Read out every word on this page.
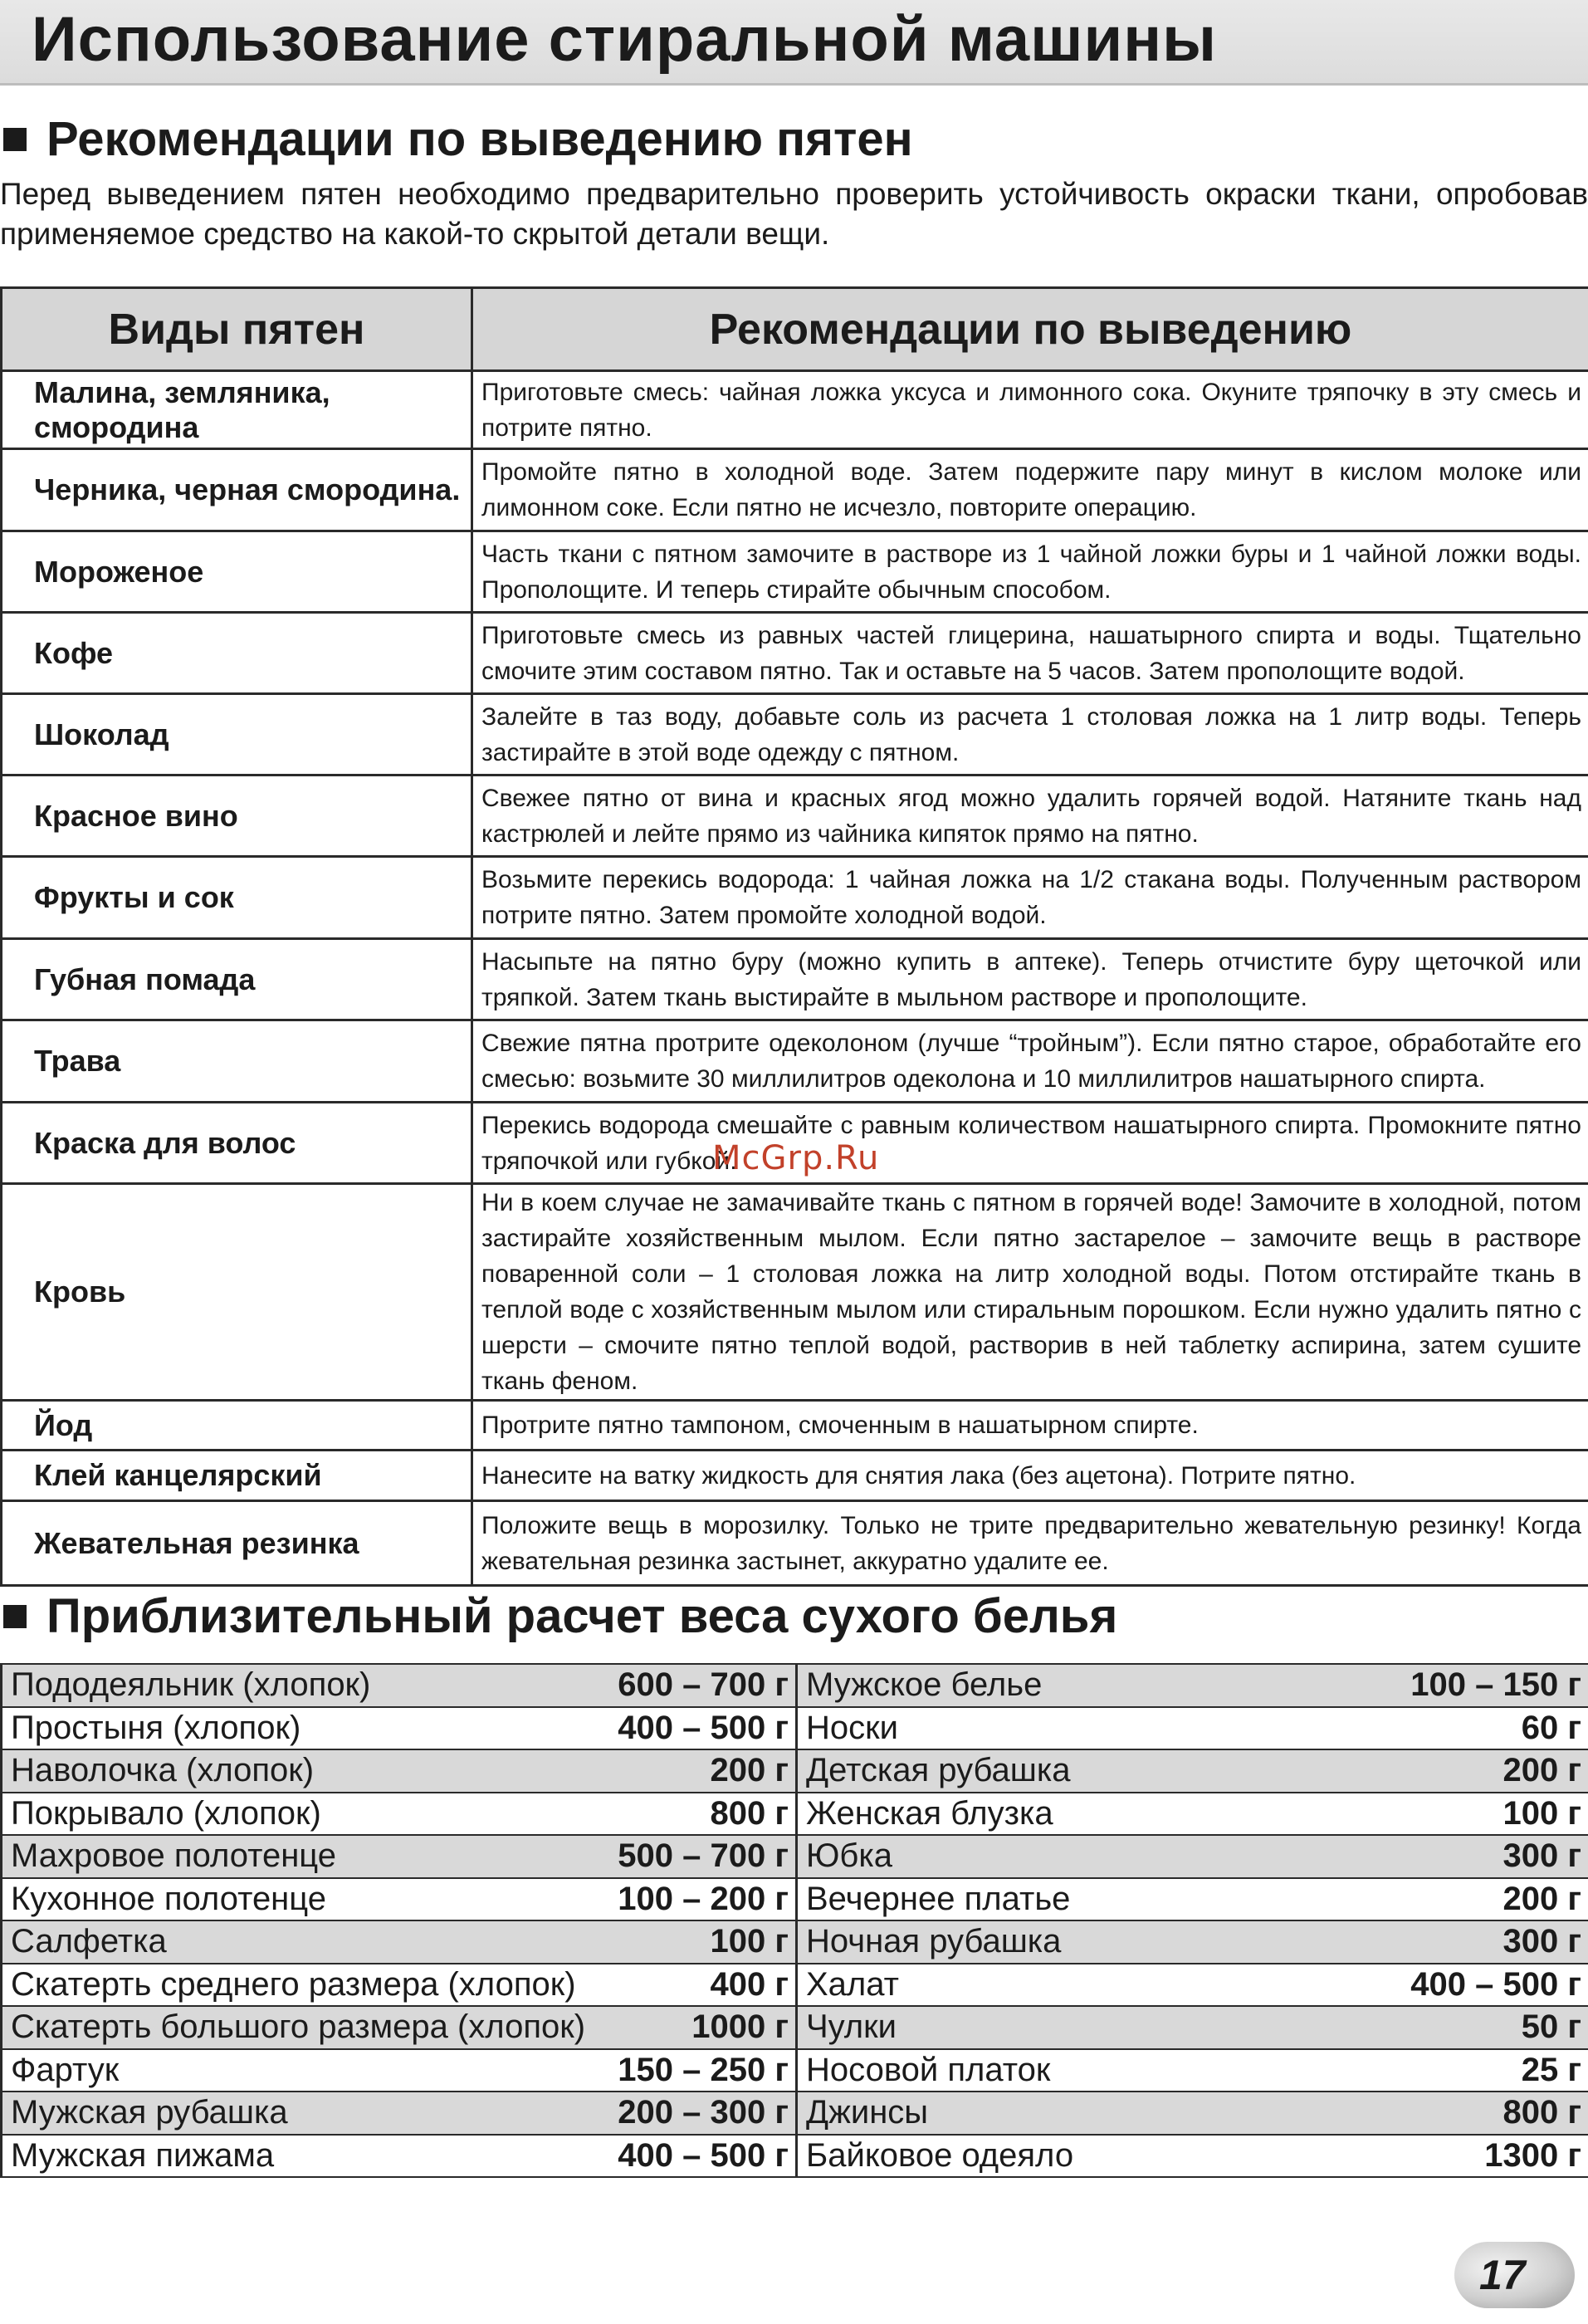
Использование стиральной машины
Рекомендации по выведению пятен

Перед выведением пятен необходимо предварительно проверить устойчивость окраски ткани, опробовав применяемое средство на какой-то скрытой детали вещи.

Виды пятен	Рекомендации по выведению
Малина, земляника, смородина	Приготовьте смесь: чайная ложка уксуса и лимонного сока. Окуните тряпочку в эту смесь и потрите пятно.
Черника, черная смородина.	Промойте пятно в холодной воде. Затем подержите пару минут в кислом молоке или лимонном соке. Если пятно не исчезло, повторите операцию.
Мороженое	Часть ткани с пятном замочите в растворе из 1 чайной ложки буры и 1 чайной ложки воды. Прополощите. И теперь стирайте обычным способом.
Кофе	Приготовьте смесь из равных частей глицерина, нашатырного спирта и воды. Тщательно смочите этим составом пятно. Так и оставьте на 5 часов. Затем прополощите водой.
Шоколад	Залейте в таз воду, добавьте соль из расчета 1 столовая ложка на 1 литр воды. Теперь застирайте в этой воде одежду с пятном.
Красное вино	Свежее пятно от вина и красных ягод можно удалить горячей водой. Натяните ткань над кастрюлей и лейте прямо из чайника кипяток прямо на пятно.
Фрукты и сок	Возьмите перекись водорода: 1 чайная ложка на 1/2 стакана воды. Полученным раствором потрите пятно. Затем промойте холодной водой.
Губная помада	Насыпьте на пятно буру (можно купить в аптеке). Теперь отчистите буру щеточкой или тряпкой. Затем ткань выстирайте в мыльном растворе и прополощите.
Трава	Свежие пятна протрите одеколоном (лучше “тройным”). Если пятно старое, обработайте его смесью: возьмите 30 миллилитров одеколона и 10 миллилитров нашатырного спирта.
Краска для волос	Перекись водорода смешайте с равным количеством нашатырного спирта. Промокните пятно тряпочкой или губкой.
Кровь	Ни в коем случае не замачивайте ткань с пятном в горячей воде! Замочите в холодной, потом застирайте хозяйственным мылом. Если пятно застарелое – замочите вещь в растворе поваренной соли – 1 столовая ложка на литр холодной воды. Потом отстирайте ткань в теплой воде с хозяйственным мылом или стиральным порошком. Если нужно удалить пятно с шерсти – смочите пятно теплой водой, растворив в ней таблетку аспирина, затем сушите ткань феном.
Йод	Протрите пятно тампоном, смоченным в нашатырном спирте.
Клей канцелярский	Нанесите на ватку жидкость для снятия лака (без ацетона). Потрите пятно.
Жевательная резинка	Положите вещь в морозилку. Только не трите предварительно жевательную резинку! Когда жевательная резинка застынет, аккуратно удалите ее.
McGrp.Ru
Приблизительный расчет веса сухого белья
Пододеяльник (хлопок)	600 – 700 г	Мужское белье	100 – 150 г
Простыня (хлопок)	400 – 500 г	Носки	60 г
Наволочка (хлопок)	200 г	Детская рубашка	200 г
Покрывало (хлопок)	800 г	Женская блузка	100 г
Махровое полотенце	500 – 700 г	Юбка	300 г
Кухонное полотенце	100 – 200 г	Вечернее платье	200 г
Салфетка	100 г	Ночная рубашка	300 г
Скатерть среднего размера (хлопок)	400 г	Халат	400 – 500 г
Скатерть большого размера (хлопок)	1000 г	Чулки	50 г
Фартук	150 – 250 г	Носовой платок	25 г
Мужская рубашка	200 – 300 г	Джинсы	800 г
Мужская пижама	400 – 500 г	Байковое одеяло	1300 г
17
